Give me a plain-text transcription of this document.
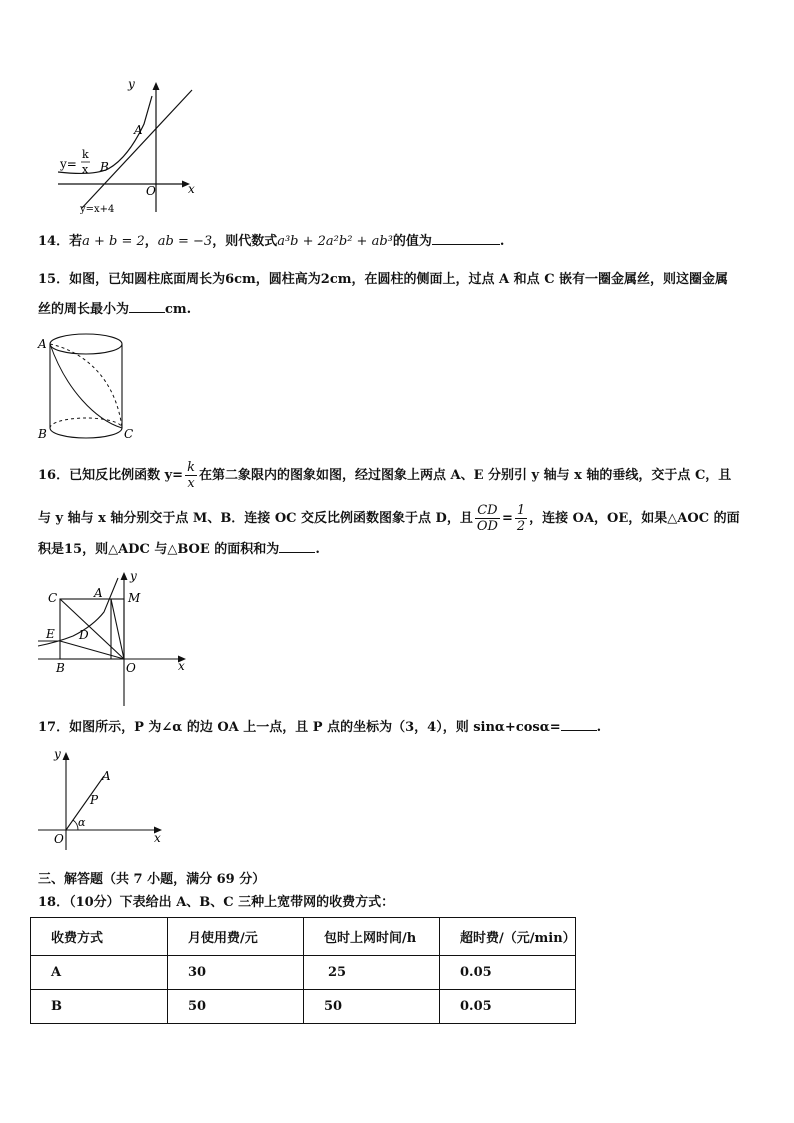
y
x
O
A
B
y=
k
x
y=x+4
14．若a + b = 2，ab = −3，则代数式a³b + 2a²b² + ab³的值为	.
15．如图，已知圆柱底面周长为6cm，圆柱高为2cm，在圆柱的侧面上，过点 A 和点 C 嵌有一圈金属丝，则这圈金属
丝的周长最小为	cm.
A
B	C
16．已知反比例函数 $y= \frac{k}{x}$ 在第二象限内的图象如图，经过图象上两点 A、E 分别引 y 轴与 x 轴的垂线，交于点 C，且
与 y 轴与 x 轴分别交于点 M、B．连接 OC 交反比例函数图象于点 D，且 $\frac{CD}{OD} = \frac{1}{2}$ ，连接 OA，OE，如果△AOC 的面
积是15，则△ADC 与△BOE 的面积和为	.
C	A M
E D
B	O	x
y
17．如图所示，P 为∠α 的边 OA 上一点，且 P 点的坐标为（3，4），则 sinα+cosα=	.
y
x
O
A
P
α
三、解答题（共 7 小题，满分 69 分）
18．（10分）下表给出 A、B、C 三种上宽带网的收费方式：
收费方式	月使用费/元	包时上网时间/h	超时费/（元/min）
A	30	25	0.05
B	50	50	0.05
